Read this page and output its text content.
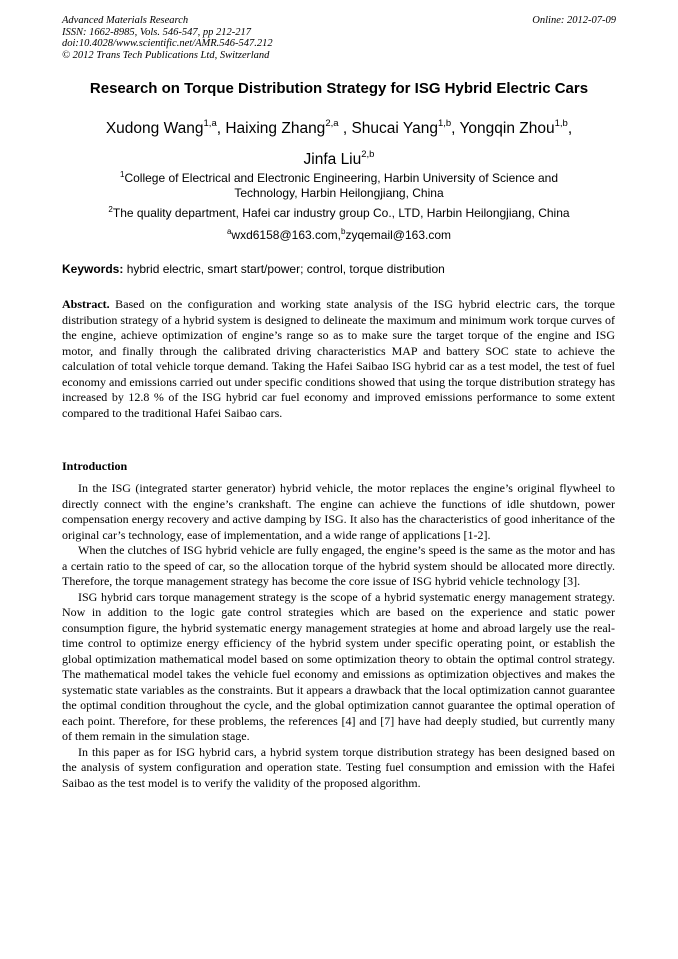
Advanced Materials Research
ISSN: 1662-8985, Vols. 546-547, pp 212-217
doi:10.4028/www.scientific.net/AMR.546-547.212
© 2012 Trans Tech Publications Ltd, Switzerland
Online: 2012-07-09
Research on Torque Distribution Strategy for ISG Hybrid Electric Cars
Xudong Wang$^{1,a}$, Haixing Zhang$^{2,a}$ , Shucai Yang$^{1,b}$, Yongqin Zhou$^{1,b}$,
Jinfa Liu$^{2,b}$
$^1$College of Electrical and Electronic Engineering, Harbin University of Science and
Technology, Harbin Heilongjiang, China
$^2$The quality department, Hafei car industry group Co., LTD, Harbin Heilongjiang, China
$^a$wxd6158@163.com,$^b$zyqemail@163.com
Keywords: hybrid electric, smart start/power; control, torque distribution
Abstract. Based on the configuration and working state analysis of the ISG hybrid electric cars, the torque distribution strategy of a hybrid system is designed to delineate the maximum and minimum work torque curves of the engine, achieve optimization of engine’s range so as to make sure the target torque of the engine and ISG motor, and finally through the calibrated driving characteristics MAP and battery SOC state to achieve the calculation of total vehicle torque demand. Taking the Hafei Saibao ISG hybrid car as a test model, the test of fuel economy and emissions carried out under specific conditions showed that using the torque distribution strategy has increased by 12.8 % of the ISG hybrid car fuel economy and improved emissions performance to some extent compared to the traditional Hafei Saibao cars.
Introduction

In the ISG (integrated starter generator) hybrid vehicle, the motor replaces the engine’s original flywheel to directly connect with the engine’s crankshaft. The engine can achieve the functions of idle shutdown, power compensation energy recovery and active damping by ISG. It also has the characteristics of good inheritance of the original car’s technology, ease of implementation, and a wide range of applications [1-2].

When the clutches of ISG hybrid vehicle are fully engaged, the engine’s speed is the same as the motor and has a certain ratio to the speed of car, so the allocation torque of the hybrid system should be allocated more directly. Therefore, the torque management strategy has become the core issue of ISG hybrid vehicle technology [3].

ISG hybrid cars torque management strategy is the scope of a hybrid systematic energy management strategy. Now in addition to the logic gate control strategies which are based on the experience and static power consumption figure, the hybrid systematic energy management strategies at home and abroad largely use the real-time control to optimize energy efficiency of the hybrid system under specific operating point, or establish the global optimization mathematical model based on some optimization theory to obtain the optimal control strategy. The mathematical model takes the vehicle fuel economy and emissions as optimization objectives and makes the systematic state variables as the constraints. But it appears a drawback that the local optimization cannot guarantee the optimal condition throughout the cycle, and the global optimization cannot guarantee the optimal operation of each point. Therefore, for these problems, the references [4] and [7] have had deeply studied, but currently many of them remain in the simulation stage.

In this paper as for ISG hybrid cars, a hybrid system torque distribution strategy has been designed based on the analysis of system configuration and operation state. Testing fuel consumption and emission with the Hafei Saibao as the test model is to verify the validity of the proposed algorithm.
